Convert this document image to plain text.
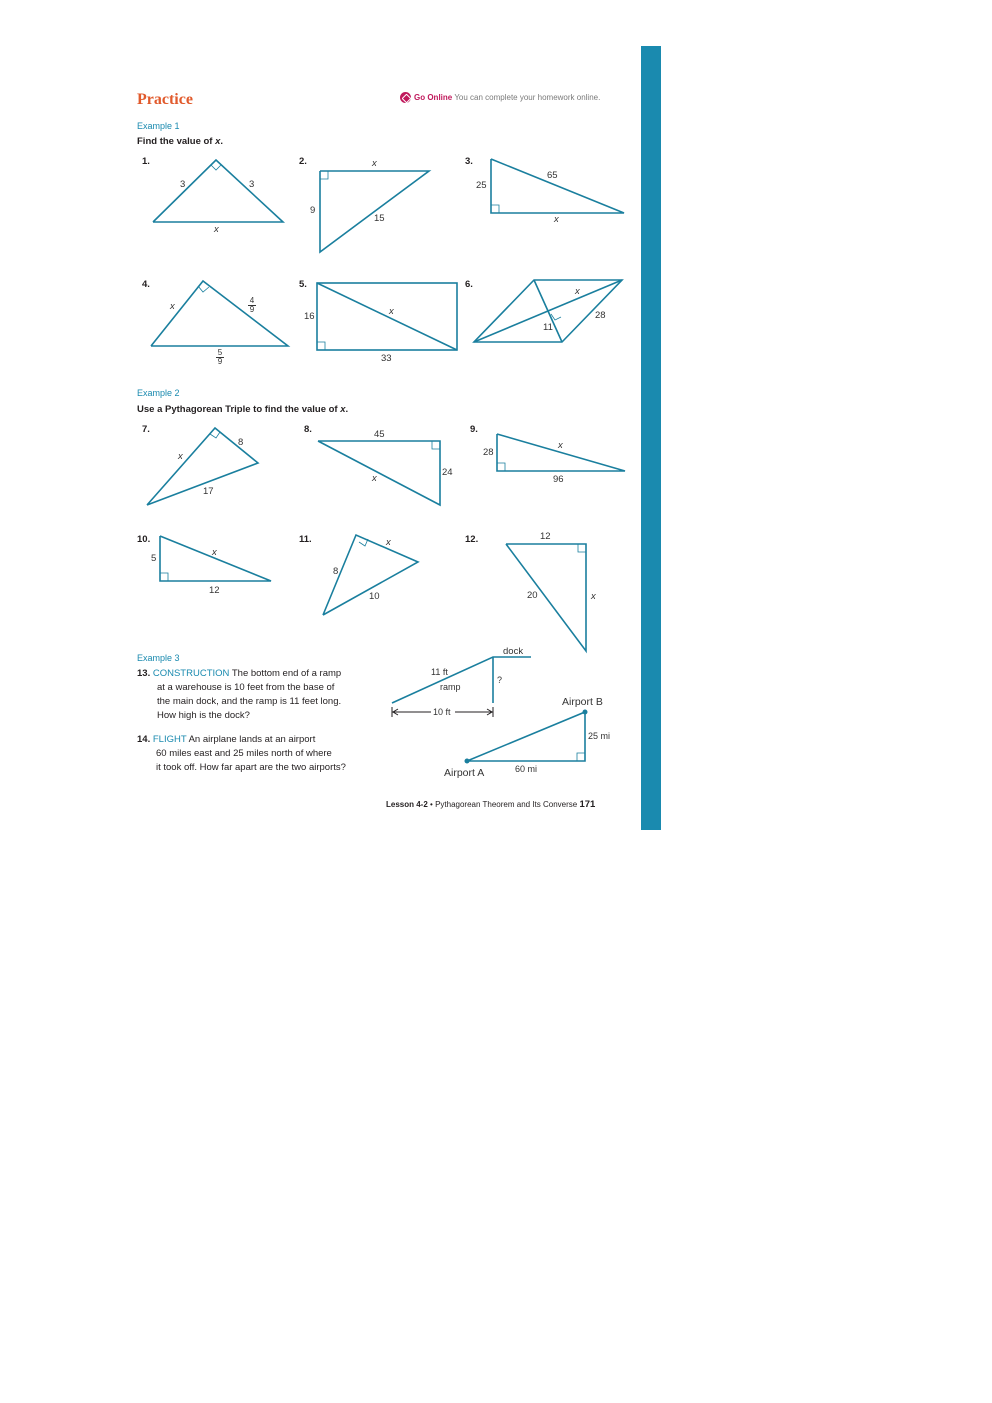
Practice	Go Online You can complete your homework online.
Example 1
Find the value of x.
1.	2.	3.
4.	5.	6.
3	3
x
x
9
15
25
65
x
x
4
9
5
9
16	x
33
x
11
28
Example 2
Use a Pythagorean Triple to find the value of x.
7.	8.	9.
10.	11.	12.
8
x
17
45
x
24
28
x
96
5
x
12
x
8
10
12
20	x
Example 3
13. CONSTRUCTION The bottom end of a ramp
at a warehouse is 10 feet from the base of
the main dock, and the ramp is 11 feet long.
How high is the dock?
14. FLIGHT An airplane lands at an airport
60 miles east and 25 miles north of where
it took off. How far apart are the two airports?
dock
11 ft
ramp
?
10 ft
Airport B
Airport A
25 mi
60 mi
Lesson 4-2 • Pythagorean Theorem and Its Converse 171
